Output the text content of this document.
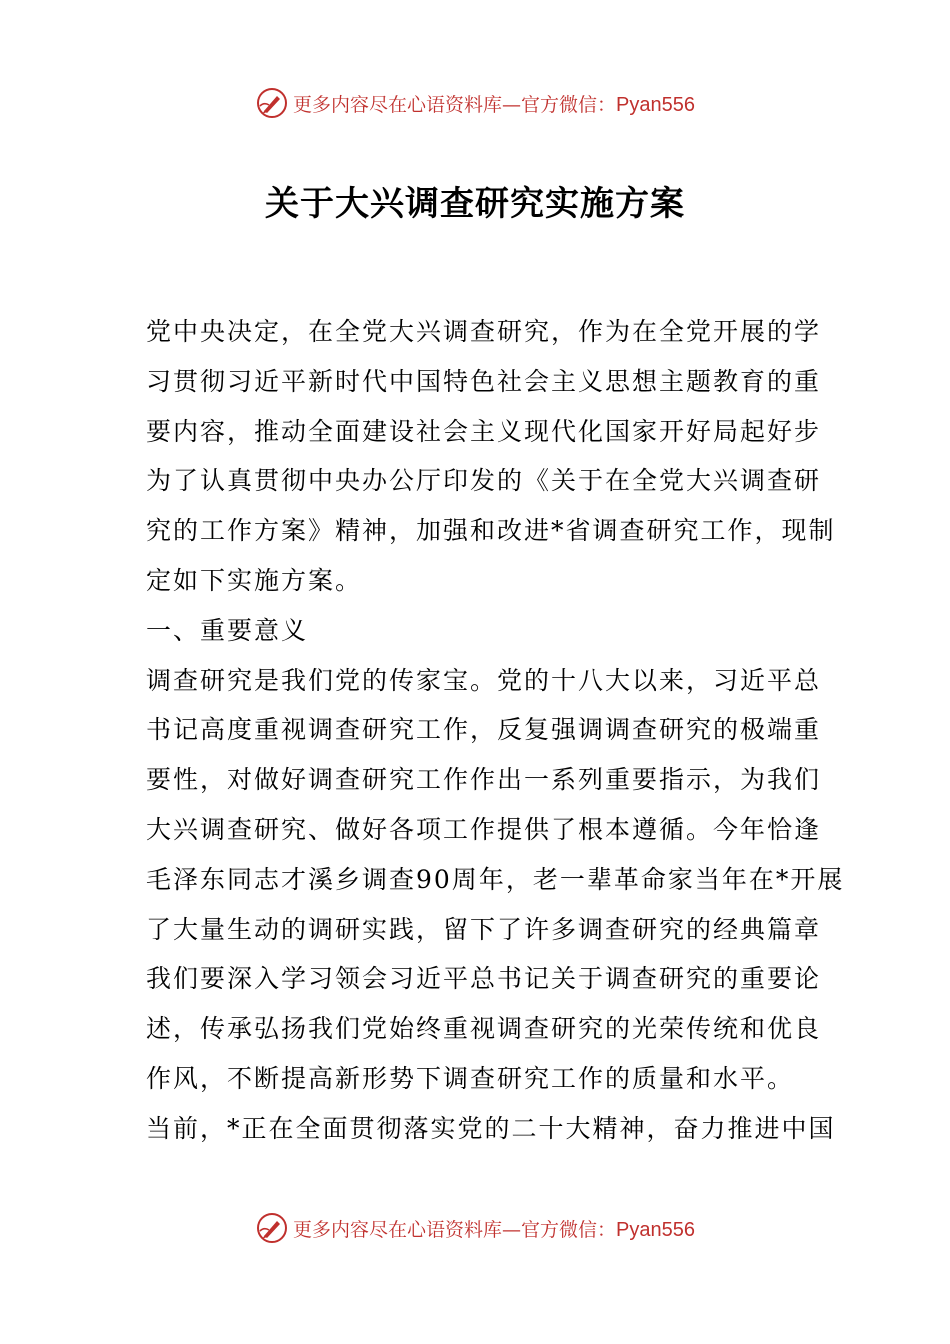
更多内容尽在心语资料库—官方微信：Pyan556
关于大兴调查研究实施方案
党中央决定，在全党大兴调查研究，作为在全党开展的学
习贯彻习近平新时代中国特色社会主义思想主题教育的重
要内容，推动全面建设社会主义现代化国家开好局起好步
为了认真贯彻中央办公厅印发的《关于在全党大兴调查研
究的工作方案》精神，加强和改进*省调查研究工作，现制
定如下实施方案。
一、重要意义
调查研究是我们党的传家宝。党的十八大以来，习近平总
书记高度重视调查研究工作，反复强调调查研究的极端重
要性，对做好调查研究工作作出一系列重要指示，为我们
大兴调查研究、做好各项工作提供了根本遵循。今年恰逢
毛泽东同志才溪乡调查90周年，老一辈革命家当年在*开展
了大量生动的调研实践，留下了许多调查研究的经典篇章
我们要深入学习领会习近平总书记关于调查研究的重要论
述，传承弘扬我们党始终重视调查研究的光荣传统和优良
作风，不断提高新形势下调查研究工作的质量和水平。
当前，*正在全面贯彻落实党的二十大精神，奋力推进中国
更多内容尽在心语资料库—官方微信：Pyan556
